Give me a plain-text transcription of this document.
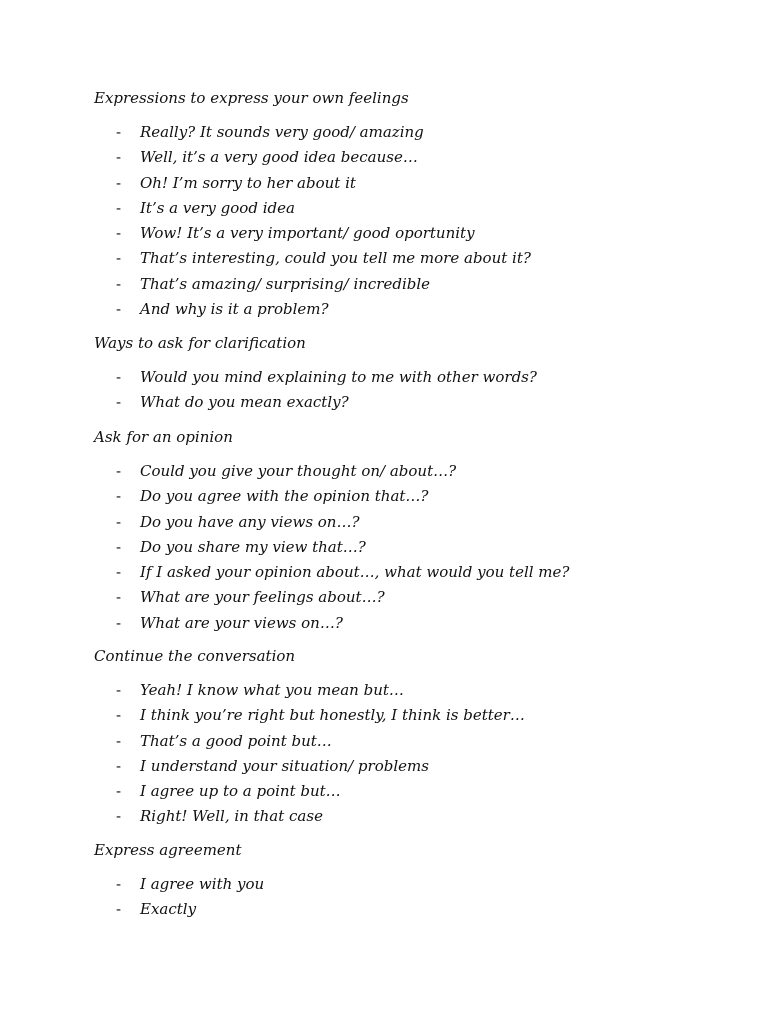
Expressions to express your own feelings

- Really? It sounds very good/ amazing
- Well, it’s a very good idea because…
- Oh! I’m sorry to her about it
- It’s a very good idea
- Wow! It’s a very important/ good oportunity
- That’s interesting, could you tell me more about it?
- That’s amazing/ surprising/ incredible
- And why is it a problem?

Ways to ask for clarification

- Would you mind explaining to me with other words?
- What do you mean exactly?

Ask for an opinion

- Could you give your thought on/ about…?
- Do you agree with the opinion that…?
- Do you have any views on…?
- Do you share my view that…?
- If I asked your opinion about…, what would you tell me?
- What are your feelings about…?
- What are your views on…?

Continue the conversation

- Yeah! I know what you mean but…
- I think you’re right but honestly, I think is better…
- That’s a good point but…
- I understand your situation/ problems
- I agree up to a point but…
- Right! Well, in that case

Express agreement

- I agree with you
- Exactly
